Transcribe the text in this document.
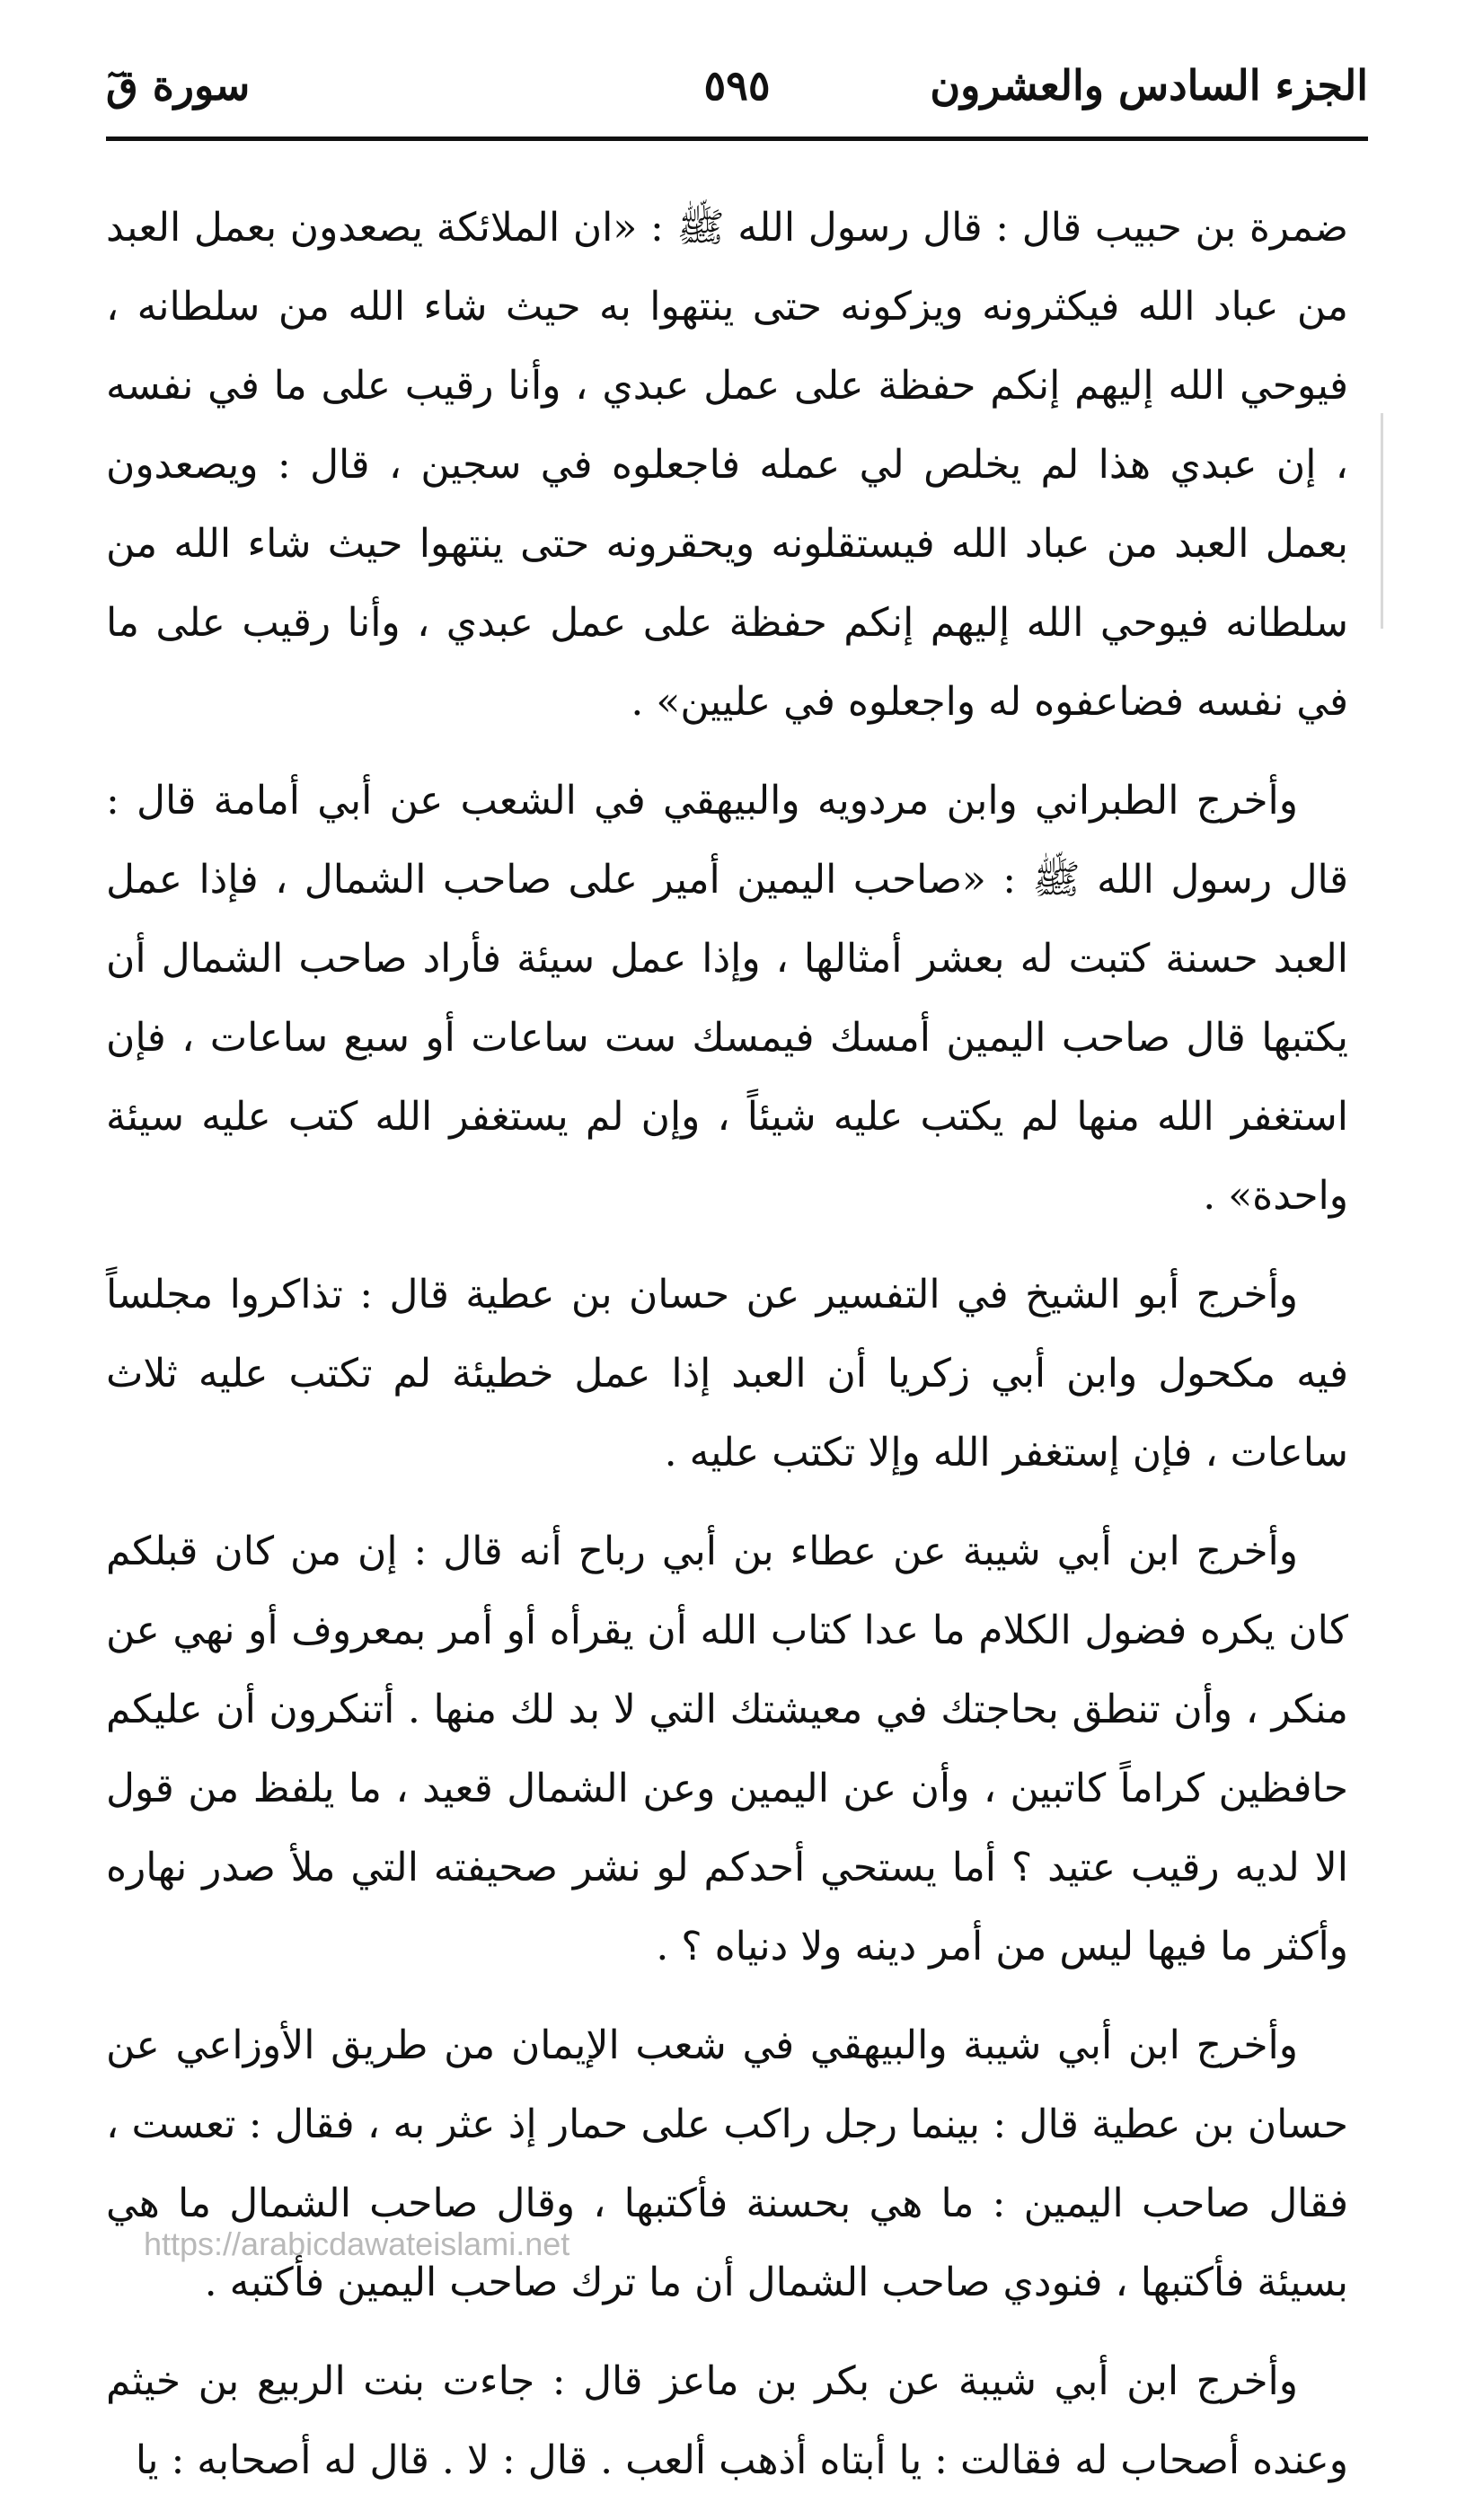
الجزء السادس والعشرون
٥٩٥
سورة قٓ

ضمرة بن حبيب قال : قال رسول الله ﷺ : «ان الملائكة يصعدون بعمل العبد من عباد الله فيكثرونه ويزكونه حتى ينتهوا به حيث شاء الله من سلطانه ، فيوحي الله إليهم إنكم حفظة على عمل عبدي ، وأنا رقيب على ما في نفسه ، إن عبدي هذا لم يخلص لي عمله فاجعلوه في سجين ، قال : ويصعدون بعمل العبد من عباد الله فيستقلونه ويحقرونه حتى ينتهوا حيث شاء الله من سلطانه فيوحي الله إليهم إنكم حفظة على عمل عبدي ، وأنا رقيب على ما في نفسه فضاعفوه له واجعلوه في عليين» .

وأخرج الطبراني وابن مردويه والبيهقي في الشعب عن أبي أمامة قال : قال رسول الله ﷺ : «صاحب اليمين أمير على صاحب الشمال ، فإذا عمل العبد حسنة كتبت له بعشر أمثالها ، وإذا عمل سيئة فأراد صاحب الشمال أن يكتبها قال صاحب اليمين أمسك فيمسك ست ساعات أو سبع ساعات ، فإن استغفر الله منها لم يكتب عليه شيئاً ، وإن لم يستغفر الله كتب عليه سيئة واحدة» .

وأخرج أبو الشيخ في التفسير عن حسان بن عطية قال : تذاكروا مجلساً فيه مكحول وابن أبي زكريا أن العبد إذا عمل خطيئة لم تكتب عليه ثلاث ساعات ، فإن إستغفر الله وإلا تكتب عليه .

وأخرج ابن أبي شيبة عن عطاء بن أبي رباح أنه قال : إن من كان قبلكم كان يكره فضول الكلام ما عدا كتاب الله أن يقرأه أو أمر بمعروف أو نهي عن منكر ، وأن تنطق بحاجتك في معيشتك التي لا بد لك منها . أتنكرون أن عليكم حافظين كراماً كاتبين ، وأن عن اليمين وعن الشمال قعيد ، ما يلفظ من قول الا لديه رقيب عتيد ؟ أما يستحي أحدكم لو نشر صحيفته التي ملأ صدر نهاره وأكثر ما فيها ليس من أمر دينه ولا دنياه ؟ .

وأخرج ابن أبي شيبة والبيهقي في شعب الإيمان من طريق الأوزاعي عن حسان بن عطية قال : بينما رجل راكب على حمار إذ عثر به ، فقال : تعست ، فقال صاحب اليمين : ما هي بحسنة فأكتبها ، وقال صاحب الشمال ما هي بسيئة فأكتبها ، فنودي صاحب الشمال أن ما ترك صاحب اليمين فأكتبه .

وأخرج ابن أبي شيبة عن بكر بن ماعز قال : جاءت بنت الربيع بن خيثم وعنده أصحاب له فقالت : يا أبتاه أذهب ألعب . قال : لا . قال له أصحابه : يا

https://arabicdawateislami.net
